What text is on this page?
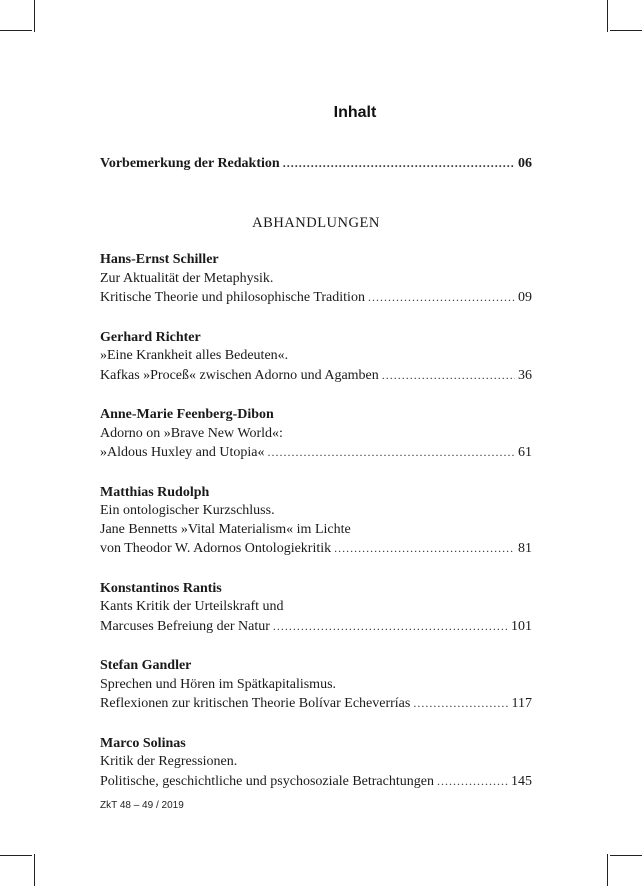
Inhalt
Vorbemerkung der Redaktion .....	06
ABHANDLUNGEN
Hans-Ernst Schiller
Zur Aktualität der Metaphysik.
Kritische Theorie und philosophische Tradition .....	09
Gerhard Richter
»Eine Krankheit alles Bedeuten«.
Kafkas »Proceß« zwischen Adorno und Agamben .....	36
Anne-Marie Feenberg-Dibon
Adorno on »Brave New World«:
»Aldous Huxley and Utopia« .....	61
Matthias Rudolph
Ein ontologischer Kurzschluss.
Jane Bennetts »Vital Materialism« im Lichte
von Theodor W. Adornos Ontologiekritik .....	81
Konstantinos Rantis
Kants Kritik der Urteilskraft und
Marcuses Befreiung der Natur .....	101
Stefan Gandler
Sprechen und Hören im Spätkapitalismus.
Reflexionen zur kritischen Theorie Bolívar Echeverrías .....	117
Marco Solinas
Kritik der Regressionen.
Politische, geschichtliche und psychosoziale Betrachtungen .....	145
ZkT 48 – 49 / 2019
